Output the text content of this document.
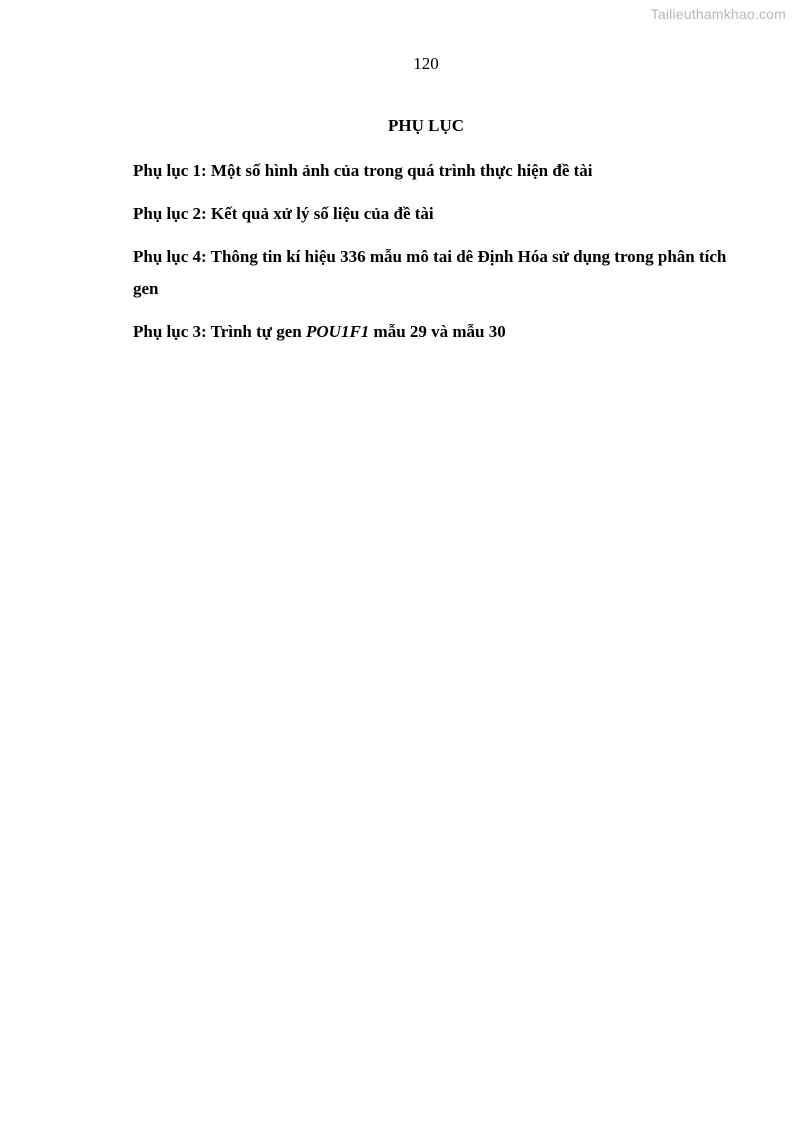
Tailieuthamkhao.com
120
PHỤ LỤC
Phụ lục 1: Một số hình ảnh của trong quá trình thực hiện đề tài
Phụ lục 2: Kết quả xử lý số liệu của đề tài
Phụ lục 4: Thông tin kí hiệu 336 mẫu mô tai dê Định Hóa sử dụng trong phân tích gen
Phụ lục 3: Trình tự gen POU1F1 mẫu 29 và mẫu 30
